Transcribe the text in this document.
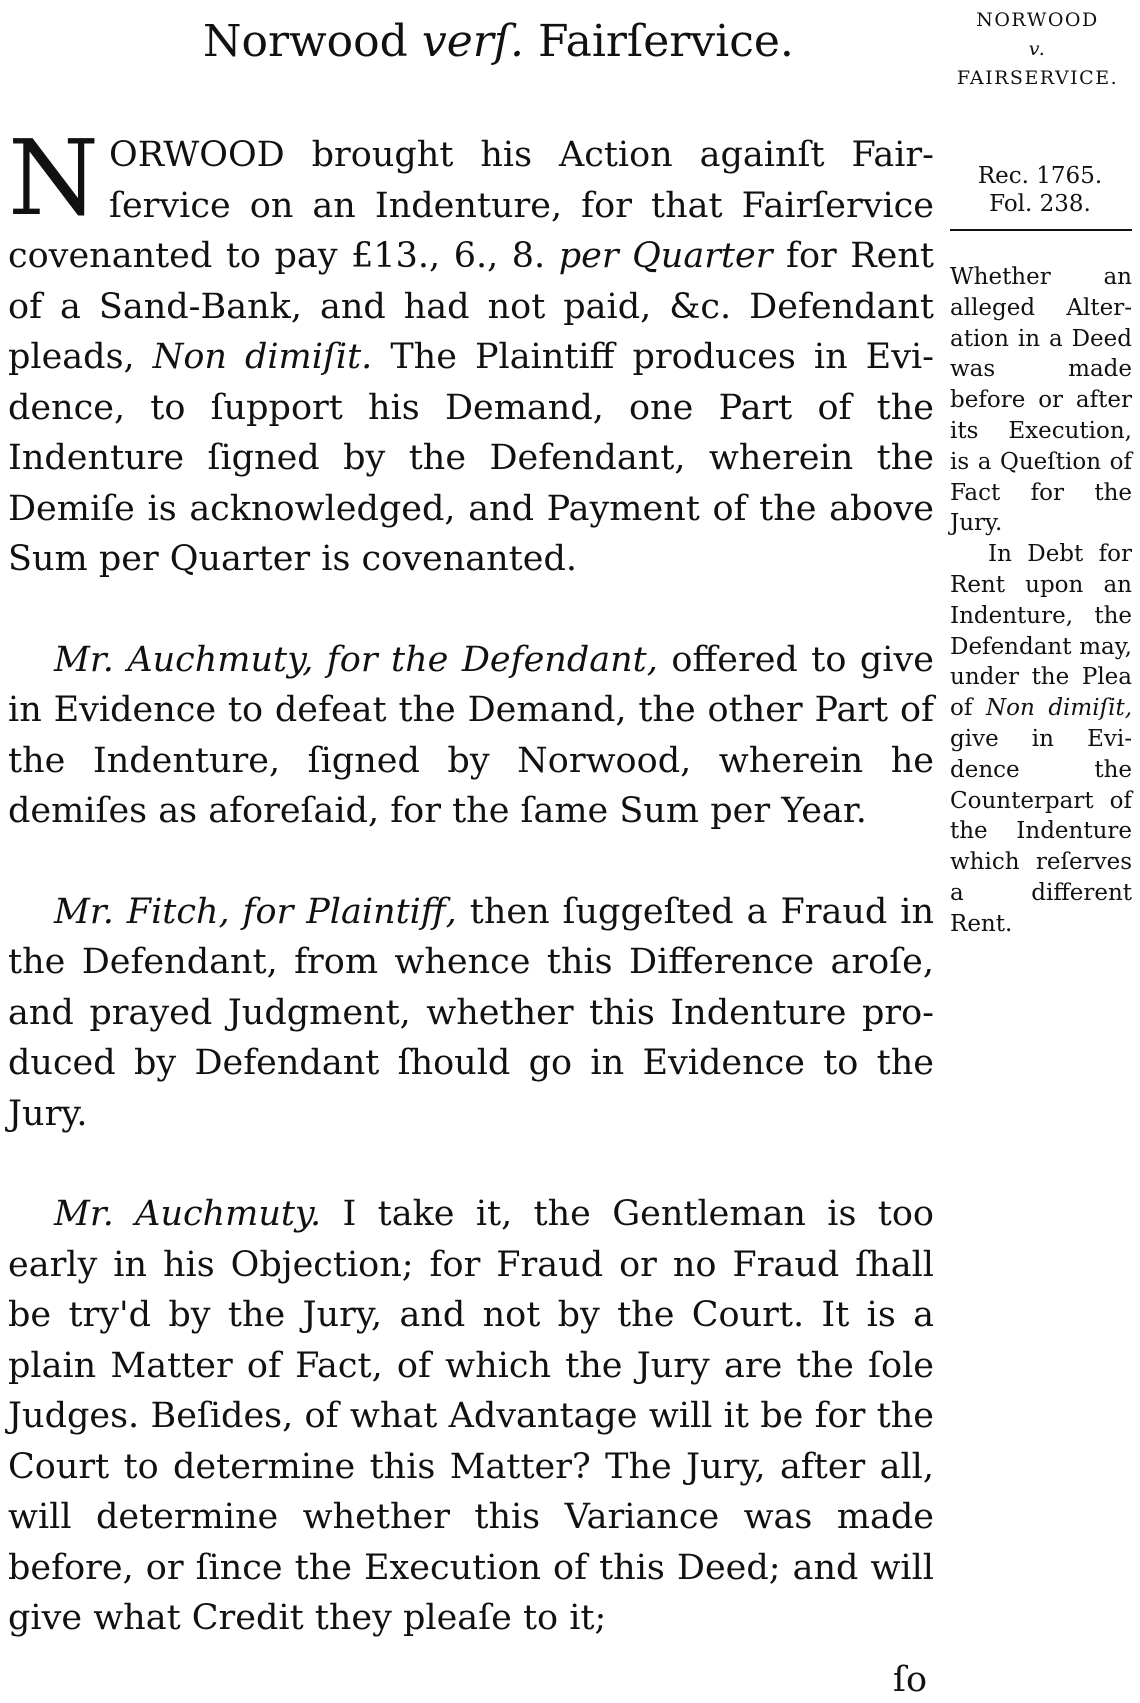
Norwood verſ. Fairſervice.	NORWOOD
v.
FAIRSERVICE.

N ORWOOD brought his Action againſt Fairſervice on an Indenture, for that Fairſervice covenanted to pay £13., 6., 8. per Quarter for Rent of a Sand-Bank, and had not paid, &c. Defendant pleads, Non dimiſit. The Plaintiff produces in Evidence, to ſupport his Demand, one Part of the Indenture ſigned by the Defendant, wherein the Demiſe is acknowledged, and Payment of the above Sum per Quarter is covenanted.

Mr. Auchmuty, for the Defendant, offered to give in Evidence to defeat the Demand, the other Part of the Indenture, ſigned by Norwood, wherein he demiſes as aforeſaid, for the ſame Sum per Year.

Mr. Fitch, for Plaintiff, then ſuggeſted a Fraud in the Defendant, from whence this Difference aroſe, and prayed Judgment, whether this Indenture produced by Defendant ſhould go in Evidence to the Jury.

Mr. Auchmuty. I take it, the Gentleman is too early in his Objection; for Fraud or no Fraud ſhall be try'd by the Jury, and not by the Court. It is a plain Matter of Fact, of which the Jury are the ſole Judges. Beſides, of what Advantage will it be for the Court to determine this Matter? The Jury, after all, will determine whether this Variance was made before, or ſince the Execution of this Deed; and will give what Credit they pleaſe to it;

ſo
Rec. 1765.
Fol. 238.

Whether an alleged Alteration in a Deed was made before or after its Execution, is a Queſtion of Fact for the Jury.

In Debt for Rent upon an Indenture, the Defendant may, under the Plea of Non dimiſit, give in Evidence the Counterpart of the Indenture which reſerves a different Rent.
